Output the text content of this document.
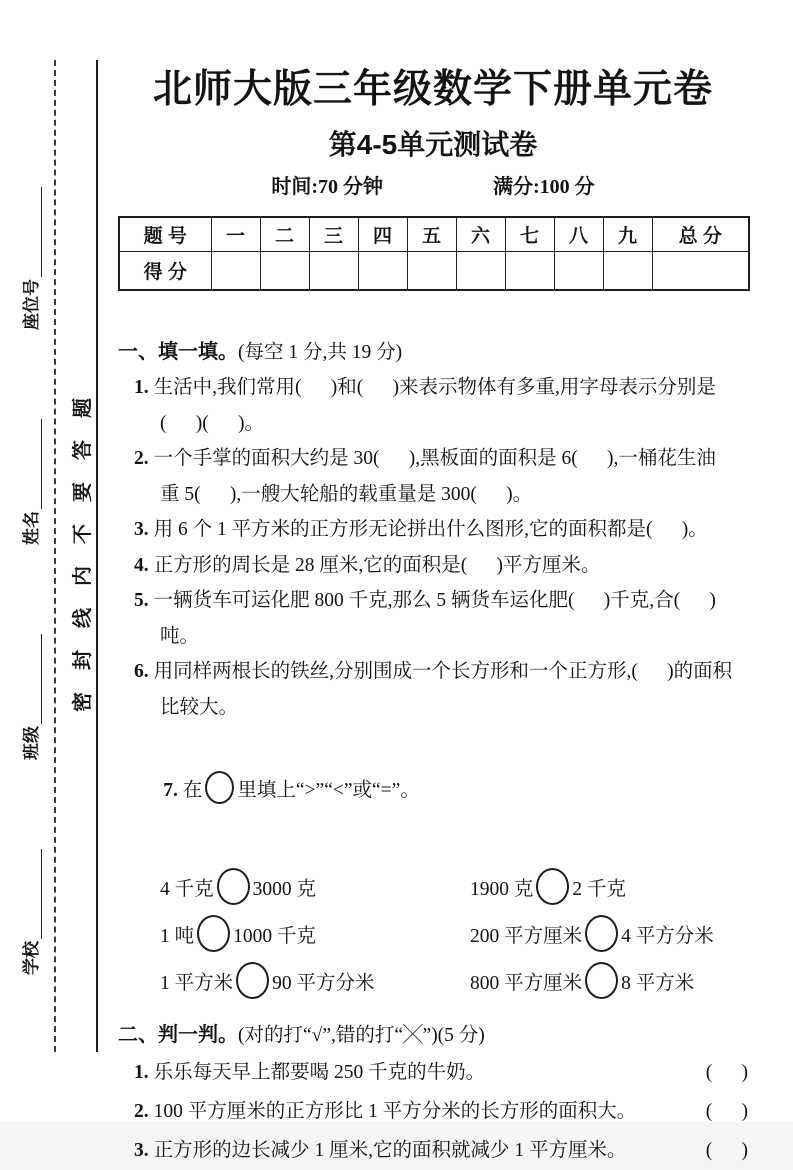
学校
班级
姓名
座位号
密封线内不要答题
北师大版三年级数学下册单元卷
第4-5单元测试卷
时间:70 分钟	满分:100 分
题 号	一	二	三	四	五	六	七	八	九	总 分
得 分										
一、填一填。(每空 1 分,共 19 分)
1. 生活中,我们常用(      )和(      )来表示物体有多重,用字母表示分别是
(      )(      )。
2. 一个手掌的面积大约是 30(      ),黑板面的面积是 6(      ),一桶花生油
重 5(      ),一艘大轮船的载重量是 300(      )。
3. 用 6 个 1 平方米的正方形无论拼出什么图形,它的面积都是(      )。
4. 正方形的周长是 28 厘米,它的面积是(      )平方厘米。
5. 一辆货车可运化肥 800 千克,那么 5 辆货车运化肥(      )千克,合(      )
吨。
6. 用同样两根长的铁丝,分别围成一个长方形和一个正方形,(      )的面积
比较大。

7. 在 里填上“>”“<”或“=”。

4 千克 3000 克	1900 克 2 千克
1 吨 1000 千克	200 平方厘米 4 平方分米
1 平方米 90 平方分米	800 平方厘米 8 平方米
二、判一判。(对的打“√”,错的打“╳”)(5 分)
1. 乐乐每天早上都要喝 250 千克的牛奶。	(      )
2. 100 平方厘米的正方形比 1 平方分米的长方形的面积大。	(      )
3. 正方形的边长减少 1 厘米,它的面积就减少 1 平方厘米。	(      )
